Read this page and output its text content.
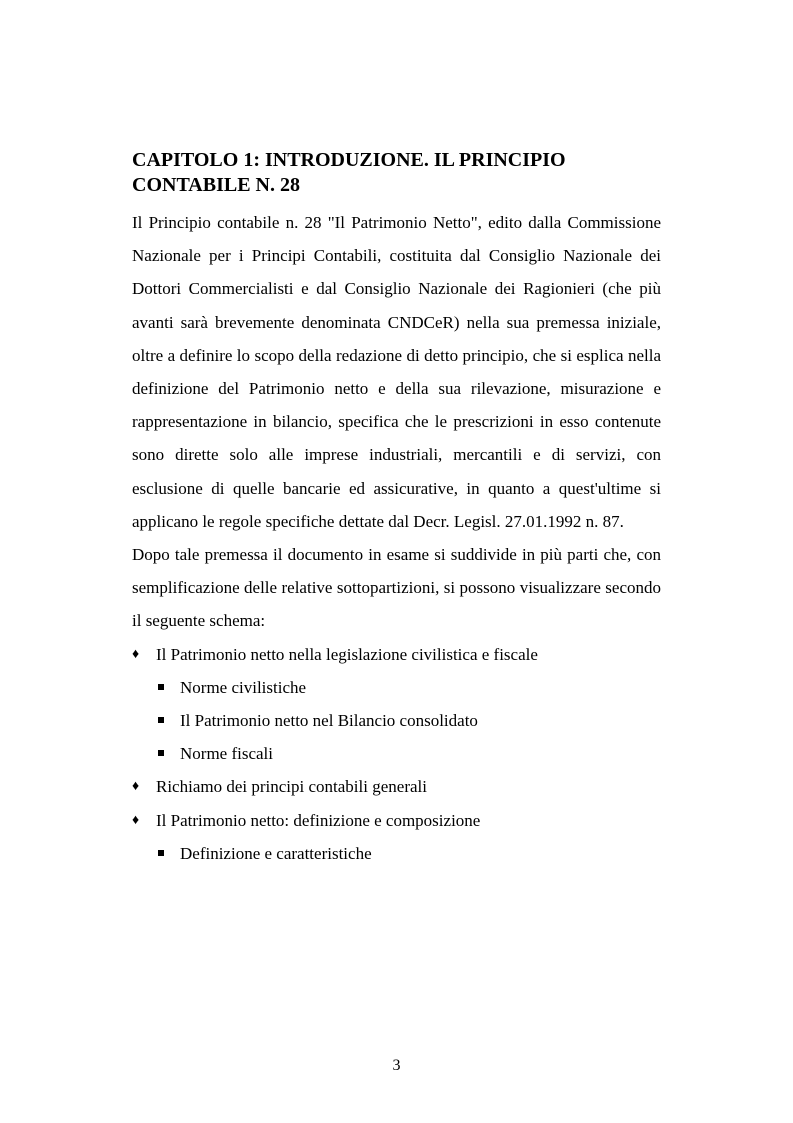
CAPITOLO 1: INTRODUZIONE. IL PRINCIPIO CONTABILE N. 28

Il Principio contabile n. 28 "Il Patrimonio Netto", edito dalla Commissione Nazionale per i Principi Contabili, costituita dal Consiglio Nazionale dei Dottori Commercialisti e dal Consiglio Nazionale dei Ragionieri (che più avanti sarà brevemente denominata CNDCeR) nella sua premessa iniziale, oltre a definire lo scopo della redazione di detto principio, che si esplica nella definizione del Patrimonio netto e della sua rilevazione, misurazione e rappresentazione in bilancio, specifica che le prescrizioni in esso contenute sono dirette solo alle imprese industriali, mercantili e di servizi, con esclusione di quelle bancarie ed assicurative, in quanto a quest'ultime si applicano le regole specifiche dettate dal Decr. Legisl. 27.01.1992 n. 87.

Dopo tale premessa il documento in esame si suddivide in più parti che, con semplificazione delle relative sottopartizioni, si possono visualizzare secondo il seguente schema:

♦ Il Patrimonio netto nella legislazione civilistica e fiscale
Norme civilistiche
Il Patrimonio netto nel Bilancio consolidato
Norme fiscali
♦ Richiamo dei principi contabili generali
♦ Il Patrimonio netto: definizione e composizione
Definizione e caratteristiche
3
